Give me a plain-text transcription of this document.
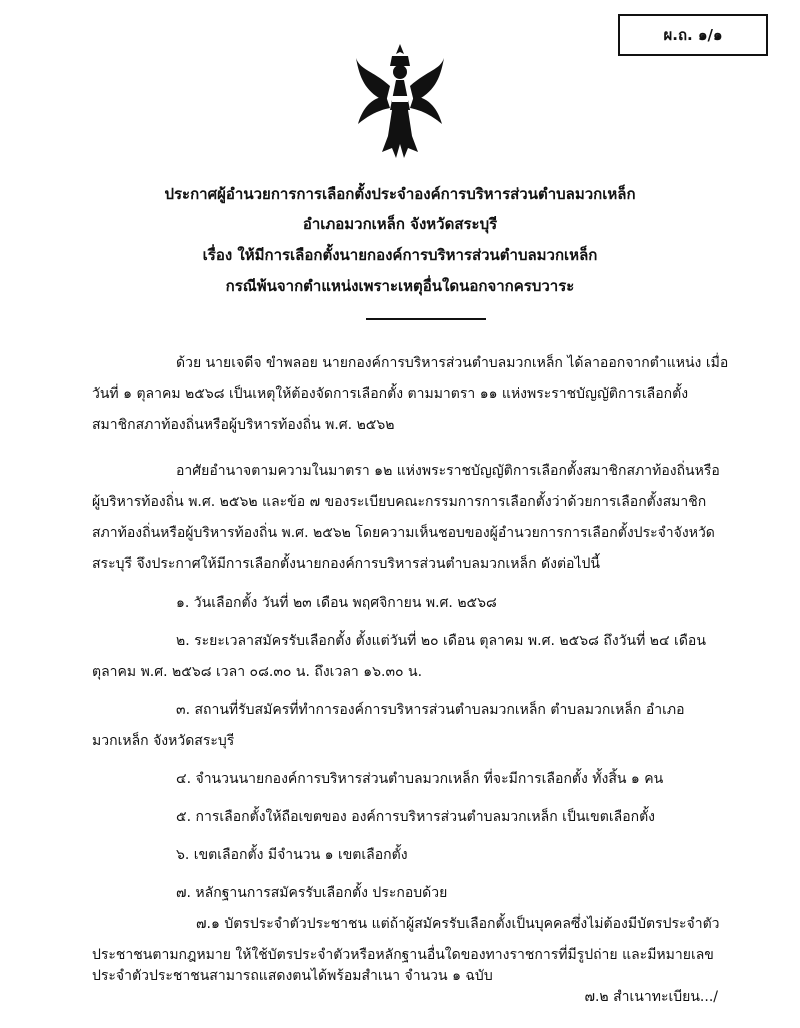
ผ.ถ. ๑/๑
ประกาศผู้อำนวยการการเลือกตั้งประจำองค์การบริหารส่วนตำบลมวกเหล็ก
อำเภอมวกเหล็ก จังหวัดสระบุรี
เรื่อง ให้มีการเลือกตั้งนายกองค์การบริหารส่วนตำบลมวกเหล็ก
กรณีพ้นจากตำแหน่งเพราะเหตุอื่นใดนอกจากครบวาระ
ด้วย นายเจดีจ ขำพลอย นายกองค์การบริหารส่วนตำบลมวกเหล็ก ได้ลาออกจากตำแหน่ง เมื่อ
วันที่ ๑ ตุลาคม ๒๕๖๘ เป็นเหตุให้ต้องจัดการเลือกตั้ง ตามมาตรา ๑๑ แห่งพระราชบัญญัติการเลือกตั้ง
สมาชิกสภาท้องถิ่นหรือผู้บริหารท้องถิ่น พ.ศ. ๒๕๖๒
อาศัยอำนาจตามความในมาตรา ๑๒ แห่งพระราชบัญญัติการเลือกตั้งสมาชิกสภาท้องถิ่นหรือ
ผู้บริหารท้องถิ่น พ.ศ. ๒๕๖๒ และข้อ ๗ ของระเบียบคณะกรรมการการเลือกตั้งว่าด้วยการเลือกตั้งสมาชิก
สภาท้องถิ่นหรือผู้บริหารท้องถิ่น พ.ศ. ๒๕๖๒ โดยความเห็นชอบของผู้อำนวยการการเลือกตั้งประจำจังหวัด
สระบุรี จึงประกาศให้มีการเลือกตั้งนายกองค์การบริหารส่วนตำบลมวกเหล็ก ดังต่อไปนี้
๑. วันเลือกตั้ง วันที่ ๒๓ เดือน พฤศจิกายน พ.ศ. ๒๕๖๘
๒. ระยะเวลาสมัครรับเลือกตั้ง ตั้งแต่วันที่ ๒๐ เดือน ตุลาคม พ.ศ. ๒๕๖๘ ถึงวันที่ ๒๔ เดือน
ตุลาคม พ.ศ. ๒๕๖๘ เวลา ๐๘.๓๐ น. ถึงเวลา ๑๖.๓๐ น.
๓. สถานที่รับสมัครที่ทำการองค์การบริหารส่วนตำบลมวกเหล็ก ตำบลมวกเหล็ก อำเภอ
มวกเหล็ก จังหวัดสระบุรี
๔. จำนวนนายกองค์การบริหารส่วนตำบลมวกเหล็ก ที่จะมีการเลือกตั้ง ทั้งสิ้น ๑ คน
๕. การเลือกตั้งให้ถือเขตของ องค์การบริหารส่วนตำบลมวกเหล็ก เป็นเขตเลือกตั้ง
๖. เขตเลือกตั้ง มีจำนวน ๑ เขตเลือกตั้ง
๗. หลักฐานการสมัครรับเลือกตั้ง ประกอบด้วย
๗.๑ บัตรประจำตัวประชาชน แต่ถ้าผู้สมัครรับเลือกตั้งเป็นบุคคลซึ่งไม่ต้องมีบัตรประจำตัว
ประชาชนตามกฎหมาย ให้ใช้บัตรประจำตัวหรือหลักฐานอื่นใดของทางราชการที่มีรูปถ่าย และมีหมายเลข
ประจำตัวประชาชนสามารถแสดงตนได้พร้อมสำเนา จำนวน ๑ ฉบับ
๗.๒ สำเนาทะเบียน.../
